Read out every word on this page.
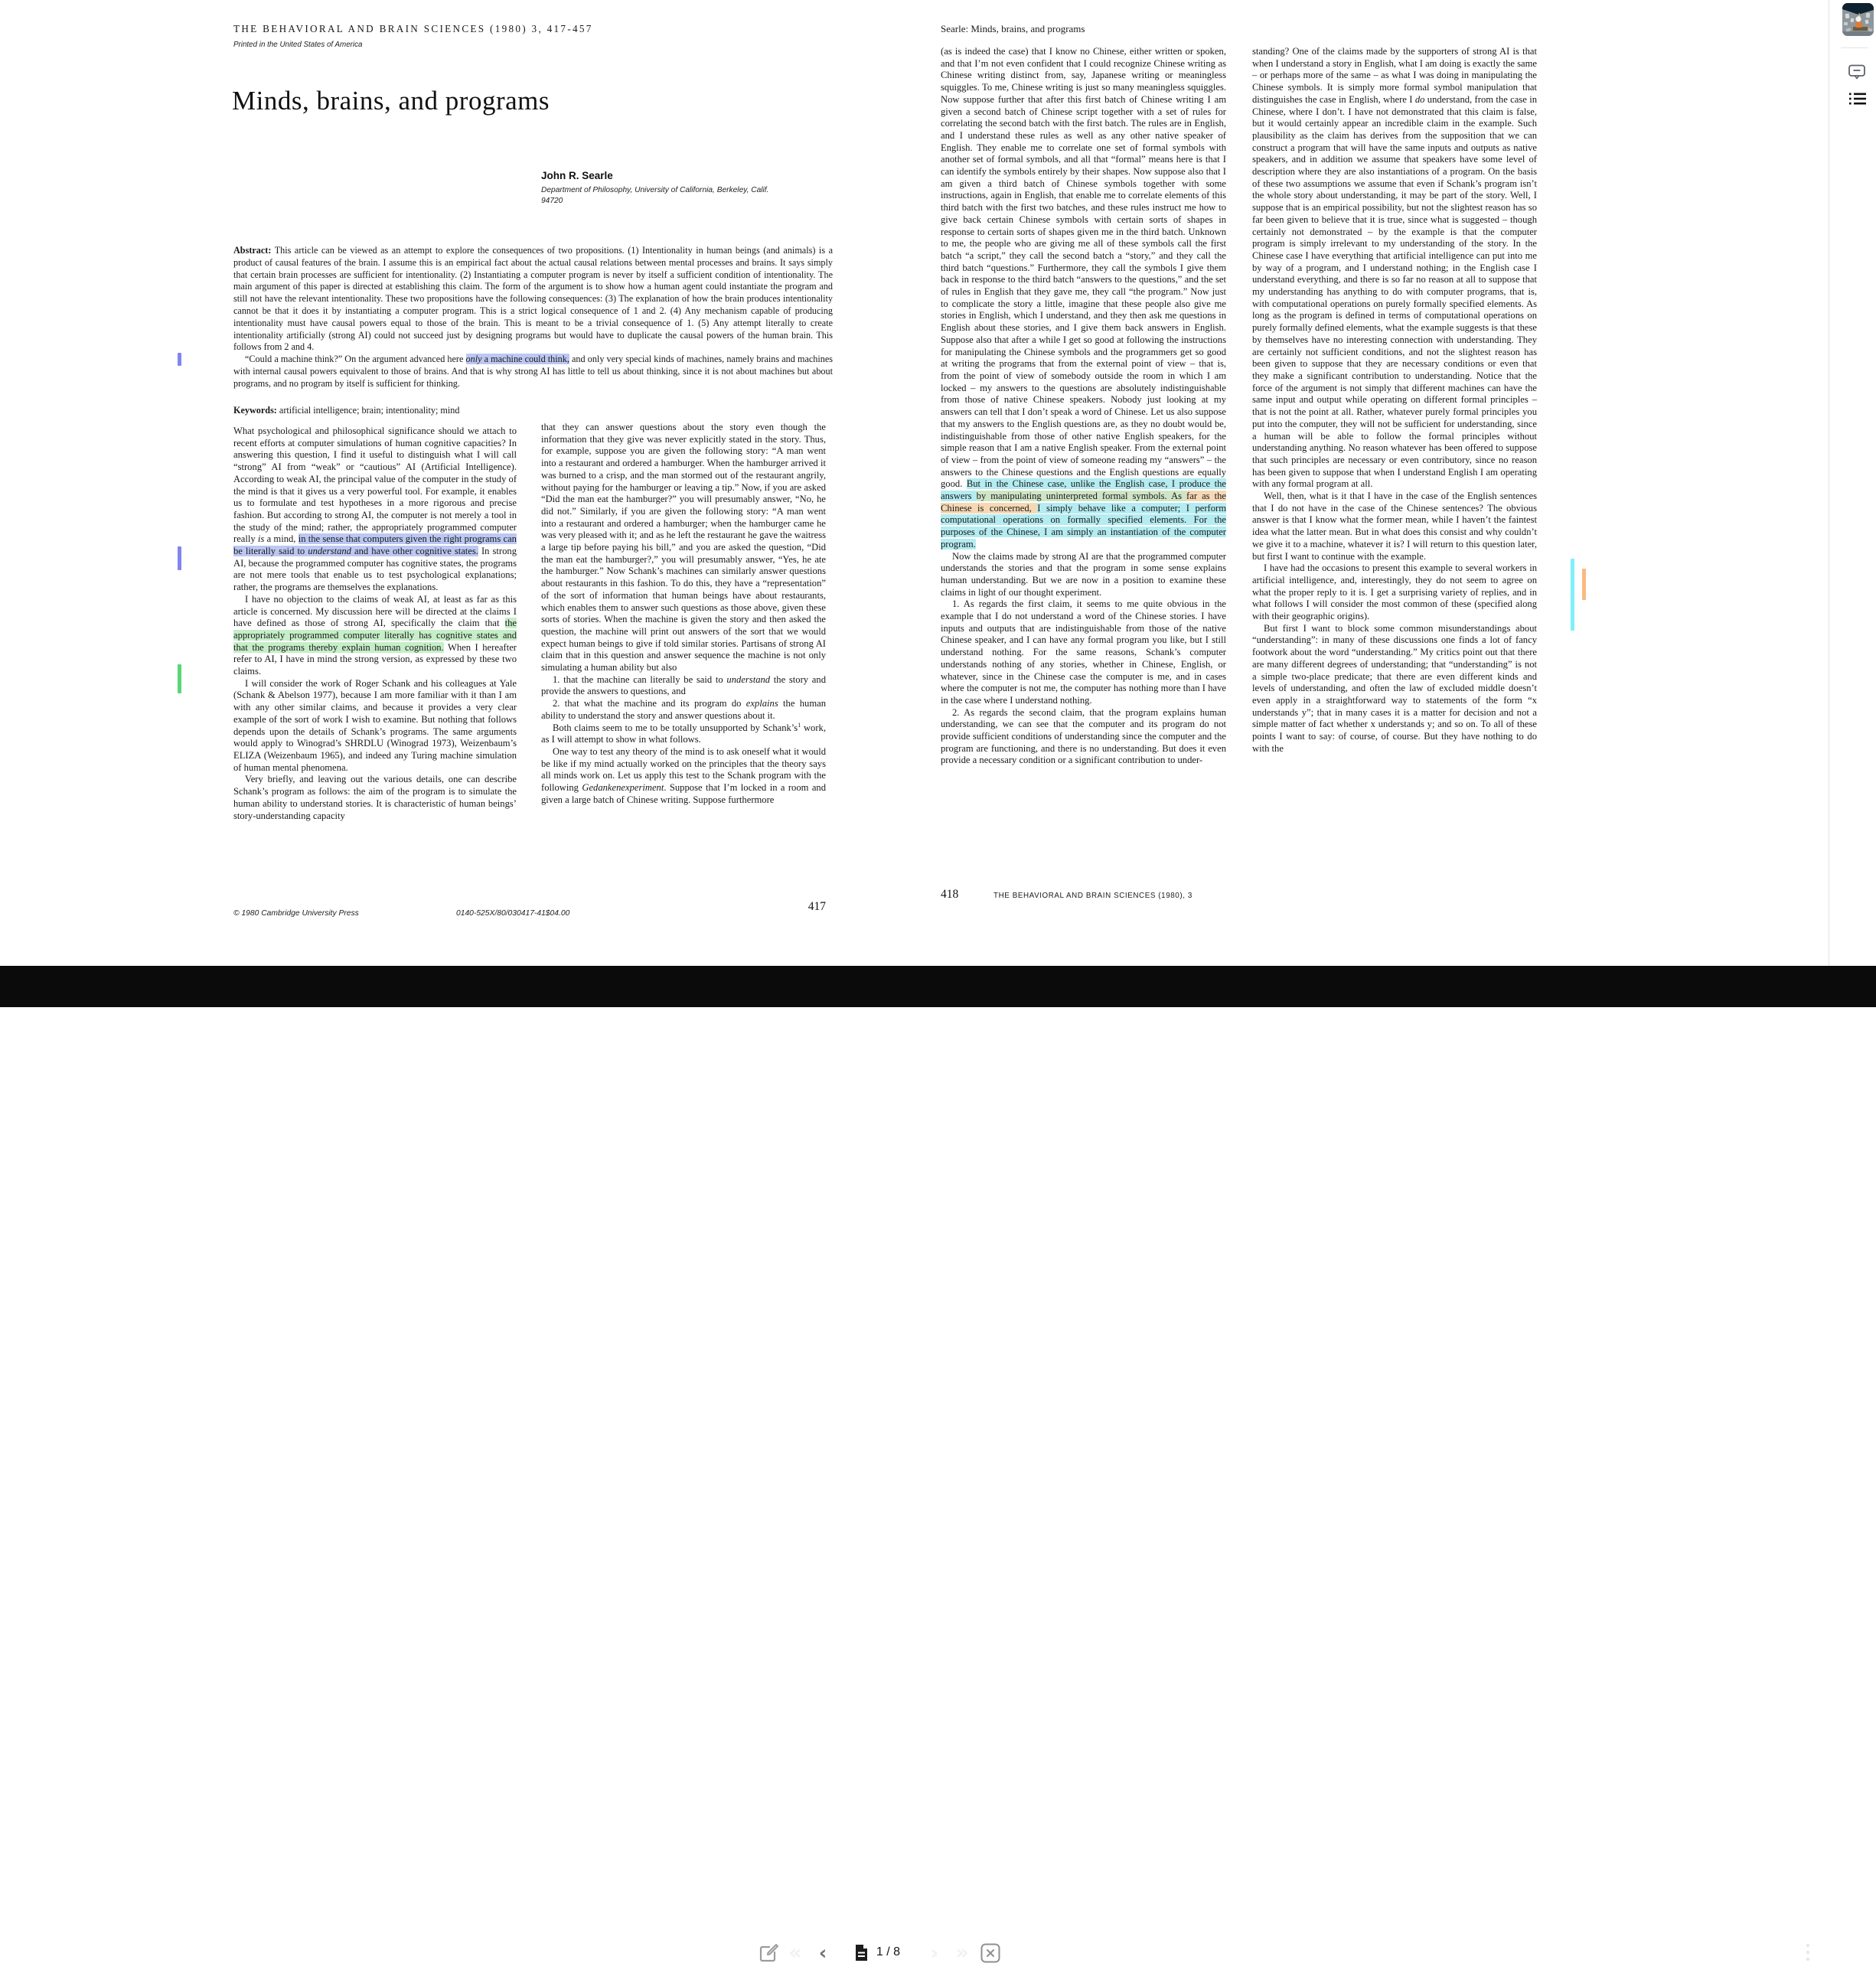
THE BEHAVIORAL AND BRAIN SCIENCES (1980) 3, 417-457
Printed in the United States of America
Minds, brains, and programs
John R. Searle
Department of Philosophy, University of California, Berkeley, Calif.
94720

Abstract: This article can be viewed as an attempt to explore the consequences of two propositions. (1) Intentionality in human beings (and animals) is a product of causal features of the brain. I assume this is an empirical fact about the actual causal relations between mental processes and brains. It says simply that certain brain processes are sufficient for intentionality. (2) Instantiating a computer program is never by itself a sufficient condition of intentionality. The main argument of this paper is directed at establishing this claim. The form of the argument is to show how a human agent could instantiate the program and still not have the relevant intentionality. These two propositions have the following consequences: (3) The explanation of how the brain produces intentionality cannot be that it does it by instantiating a computer program. This is a strict logical consequence of 1 and 2. (4) Any mechanism capable of producing intentionality must have causal powers equal to those of the brain. This is meant to be a trivial consequence of 1. (5) Any attempt literally to create intentionality artificially (strong AI) could not succeed just by designing programs but would have to duplicate the causal powers of the human brain. This follows from 2 and 4.

“Could a machine think?” On the argument advanced here only a machine could think, and only very special kinds of machines, namely brains and machines with internal causal powers equivalent to those of brains. And that is why strong AI has little to tell us about thinking, since it is not about machines but about programs, and no program by itself is sufficient for thinking.

Keywords: artificial intelligence; brain; intentionality; mind

What psychological and philosophical significance should we attach to recent efforts at computer simulations of human cognitive capacities? In answering this question, I find it useful to distinguish what I will call “strong” AI from “weak” or “cautious” AI (Artificial Intelligence). According to weak AI, the principal value of the computer in the study of the mind is that it gives us a very powerful tool. For example, it enables us to formulate and test hypotheses in a more rigorous and precise fashion. But according to strong AI, the computer is not merely a tool in the study of the mind; rather, the appropriately programmed computer really is a mind, in the sense that computers given the right programs can be literally said to understand and have other cognitive states. In strong AI, because the programmed computer has cognitive states, the programs are not mere tools that enable us to test psychological explanations; rather, the programs are themselves the explanations.

I have no objection to the claims of weak AI, at least as far as this article is concerned. My discussion here will be directed at the claims I have defined as those of strong AI, specifically the claim that the appropriately programmed computer literally has cognitive states and that the programs thereby explain human cognition. When I hereafter refer to AI, I have in mind the strong version, as expressed by these two claims.

I will consider the work of Roger Schank and his colleagues at Yale (Schank & Abelson 1977), because I am more familiar with it than I am with any other similar claims, and because it provides a very clear example of the sort of work I wish to examine. But nothing that follows depends upon the details of Schank’s programs. The same arguments would apply to Winograd’s SHRDLU (Winograd 1973), Weizenbaum’s ELIZA (Weizenbaum 1965), and indeed any Turing machine simulation of human mental phenomena.

Very briefly, and leaving out the various details, one can describe Schank’s program as follows: the aim of the program is to simulate the human ability to understand stories. It is characteristic of human beings’ story-understanding capacity

that they can answer questions about the story even though the information that they give was never explicitly stated in the story. Thus, for example, suppose you are given the following story: “A man went into a restaurant and ordered a hamburger. When the hamburger arrived it was burned to a crisp, and the man stormed out of the restaurant angrily, without paying for the hamburger or leaving a tip.” Now, if you are asked “Did the man eat the hamburger?” you will presumably answer, “No, he did not.” Similarly, if you are given the following story: “A man went into a restaurant and ordered a hamburger; when the hamburger came he was very pleased with it; and as he left the restaurant he gave the waitress a large tip before paying his bill,” and you are asked the question, “Did the man eat the hamburger?,” you will presumably answer, “Yes, he ate the hamburger.” Now Schank’s machines can similarly answer questions about restaurants in this fashion. To do this, they have a “representation” of the sort of information that human beings have about restaurants, which enables them to answer such questions as those above, given these sorts of stories. When the machine is given the story and then asked the question, the machine will print out answers of the sort that we would expect human beings to give if told similar stories. Partisans of strong AI claim that in this question and answer sequence the machine is not only simulating a human ability but also

1. that the machine can literally be said to understand the story and provide the answers to questions, and

2. that what the machine and its program do explains the human ability to understand the story and answer questions about it.

Both claims seem to me to be totally unsupported by $Schank’s^1$ work, as I will attempt to show in what follows.

One way to test any theory of the mind is to ask oneself what it would be like if my mind actually worked on the principles that the theory says all minds work on. Let us apply this test to the Schank program with the following Gedankenexperiment. Suppose that I’m locked in a room and given a large batch of Chinese writing. Suppose furthermore

© 1980 Cambridge University Press	0140-525X/80/030417-41$04.00
417
Searle: Minds, brains, and programs

(as is indeed the case) that I know no Chinese, either written or spoken, and that I’m not even confident that I could recognize Chinese writing as Chinese writing distinct from, say, Japanese writing or meaningless squiggles. To me, Chinese writing is just so many meaningless squiggles. Now suppose further that after this first batch of Chinese writing I am given a second batch of Chinese script together with a set of rules for correlating the second batch with the first batch. The rules are in English, and I understand these rules as well as any other native speaker of English. They enable me to correlate one set of formal symbols with another set of formal symbols, and all that “formal” means here is that I can identify the symbols entirely by their shapes. Now suppose also that I am given a third batch of Chinese symbols together with some instructions, again in English, that enable me to correlate elements of this third batch with the first two batches, and these rules instruct me how to give back certain Chinese symbols with certain sorts of shapes in response to certain sorts of shapes given me in the third batch. Unknown to me, the people who are giving me all of these symbols call the first batch “a script,” they call the second batch a “story,” and they call the third batch “questions.” Furthermore, they call the symbols I give them back in response to the third batch “answers to the questions,” and the set of rules in English that they gave me, they call “the program.” Now just to complicate the story a little, imagine that these people also give me stories in English, which I understand, and they then ask me questions in English about these stories, and I give them back answers in English. Suppose also that after a while I get so good at following the instructions for manipulating the Chinese symbols and the programmers get so good at writing the programs that from the external point of view – that is, from the point of view of somebody outside the room in which I am locked – my answers to the questions are absolutely indistinguishable from those of native Chinese speakers. Nobody just looking at my answers can tell that I don’t speak a word of Chinese. Let us also suppose that my answers to the English questions are, as they no doubt would be, indistinguishable from those of other native English speakers, for the simple reason that I am a native English speaker. From the external point of view – from the point of view of someone reading my “answers” – the answers to the Chinese questions and the English questions are equally good. But in the Chinese case, unlike the English case, I produce the answers by manipulating uninterpreted formal symbols. As far as the Chinese is concerned, I simply behave like a computer; I perform computational operations on formally specified elements. For the purposes of the Chinese, I am simply an instantiation of the computer program.

Now the claims made by strong AI are that the programmed computer understands the stories and that the program in some sense explains human understanding. But we are now in a position to examine these claims in light of our thought experiment.

1. As regards the first claim, it seems to me quite obvious in the example that I do not understand a word of the Chinese stories. I have inputs and outputs that are indistinguishable from those of the native Chinese speaker, and I can have any formal program you like, but I still understand nothing. For the same reasons, Schank’s computer understands nothing of any stories, whether in Chinese, English, or whatever, since in the Chinese case the computer is me, and in cases where the computer is not me, the computer has nothing more than I have in the case where I understand nothing.

2. As regards the second claim, that the program explains human understanding, we can see that the computer and its program do not provide sufficient conditions of understanding since the computer and the program are functioning, and there is no understanding. But does it even provide a necessary condition or a significant contribution to under-

standing? One of the claims made by the supporters of strong AI is that when I understand a story in English, what I am doing is exactly the same – or perhaps more of the same – as what I was doing in manipulating the Chinese symbols. It is simply more formal symbol manipulation that distinguishes the case in English, where I do understand, from the case in Chinese, where I don’t. I have not demonstrated that this claim is false, but it would certainly appear an incredible claim in the example. Such plausibility as the claim has derives from the supposition that we can construct a program that will have the same inputs and outputs as native speakers, and in addition we assume that speakers have some level of description where they are also instantiations of a program. On the basis of these two assumptions we assume that even if Schank’s program isn’t the whole story about understanding, it may be part of the story. Well, I suppose that is an empirical possibility, but not the slightest reason has so far been given to believe that it is true, since what is suggested – though certainly not demonstrated – by the example is that the computer program is simply irrelevant to my understanding of the story. In the Chinese case I have everything that artificial intelligence can put into me by way of a program, and I understand nothing; in the English case I understand everything, and there is so far no reason at all to suppose that my understanding has anything to do with computer programs, that is, with computational operations on purely formally specified elements. As long as the program is defined in terms of computational operations on purely formally defined elements, what the example suggests is that these by themselves have no interesting connection with understanding. They are certainly not sufficient conditions, and not the slightest reason has been given to suppose that they are necessary conditions or even that they make a significant contribution to understanding. Notice that the force of the argument is not simply that different machines can have the same input and output while operating on different formal principles – that is not the point at all. Rather, whatever purely formal principles you put into the computer, they will not be sufficient for understanding, since a human will be able to follow the formal principles without understanding anything. No reason whatever has been offered to suppose that such principles are necessary or even contributory, since no reason has been given to suppose that when I understand English I am operating with any formal program at all.

Well, then, what is it that I have in the case of the English sentences that I do not have in the case of the Chinese sentences? The obvious answer is that I know what the former mean, while I haven’t the faintest idea what the latter mean. But in what does this consist and why couldn’t we give it to a machine, whatever it is? I will return to this question later, but first I want to continue with the example.

I have had the occasions to present this example to several workers in artificial intelligence, and, interestingly, they do not seem to agree on what the proper reply to it is. I get a surprising variety of replies, and in what follows I will consider the most common of these (specified along with their geographic origins).

But first I want to block some common misunderstandings about “understanding”: in many of these discussions one finds a lot of fancy footwork about the word “understanding.” My critics point out that there are many different degrees of understanding; that “understanding” is not a simple two-place predicate; that there are even different kinds and levels of understanding, and often the law of excluded middle doesn’t even apply in a straightforward way to statements of the form “x understands y”; that in many cases it is a matter for decision and not a simple matter of fact whether x understands y; and so on. To all of these points I want to say: of course, of course. But they have nothing to do with the

418	THE BEHAVIORAL AND BRAIN SCIENCES (1980), 3
« ‹	1 / 8	› »
